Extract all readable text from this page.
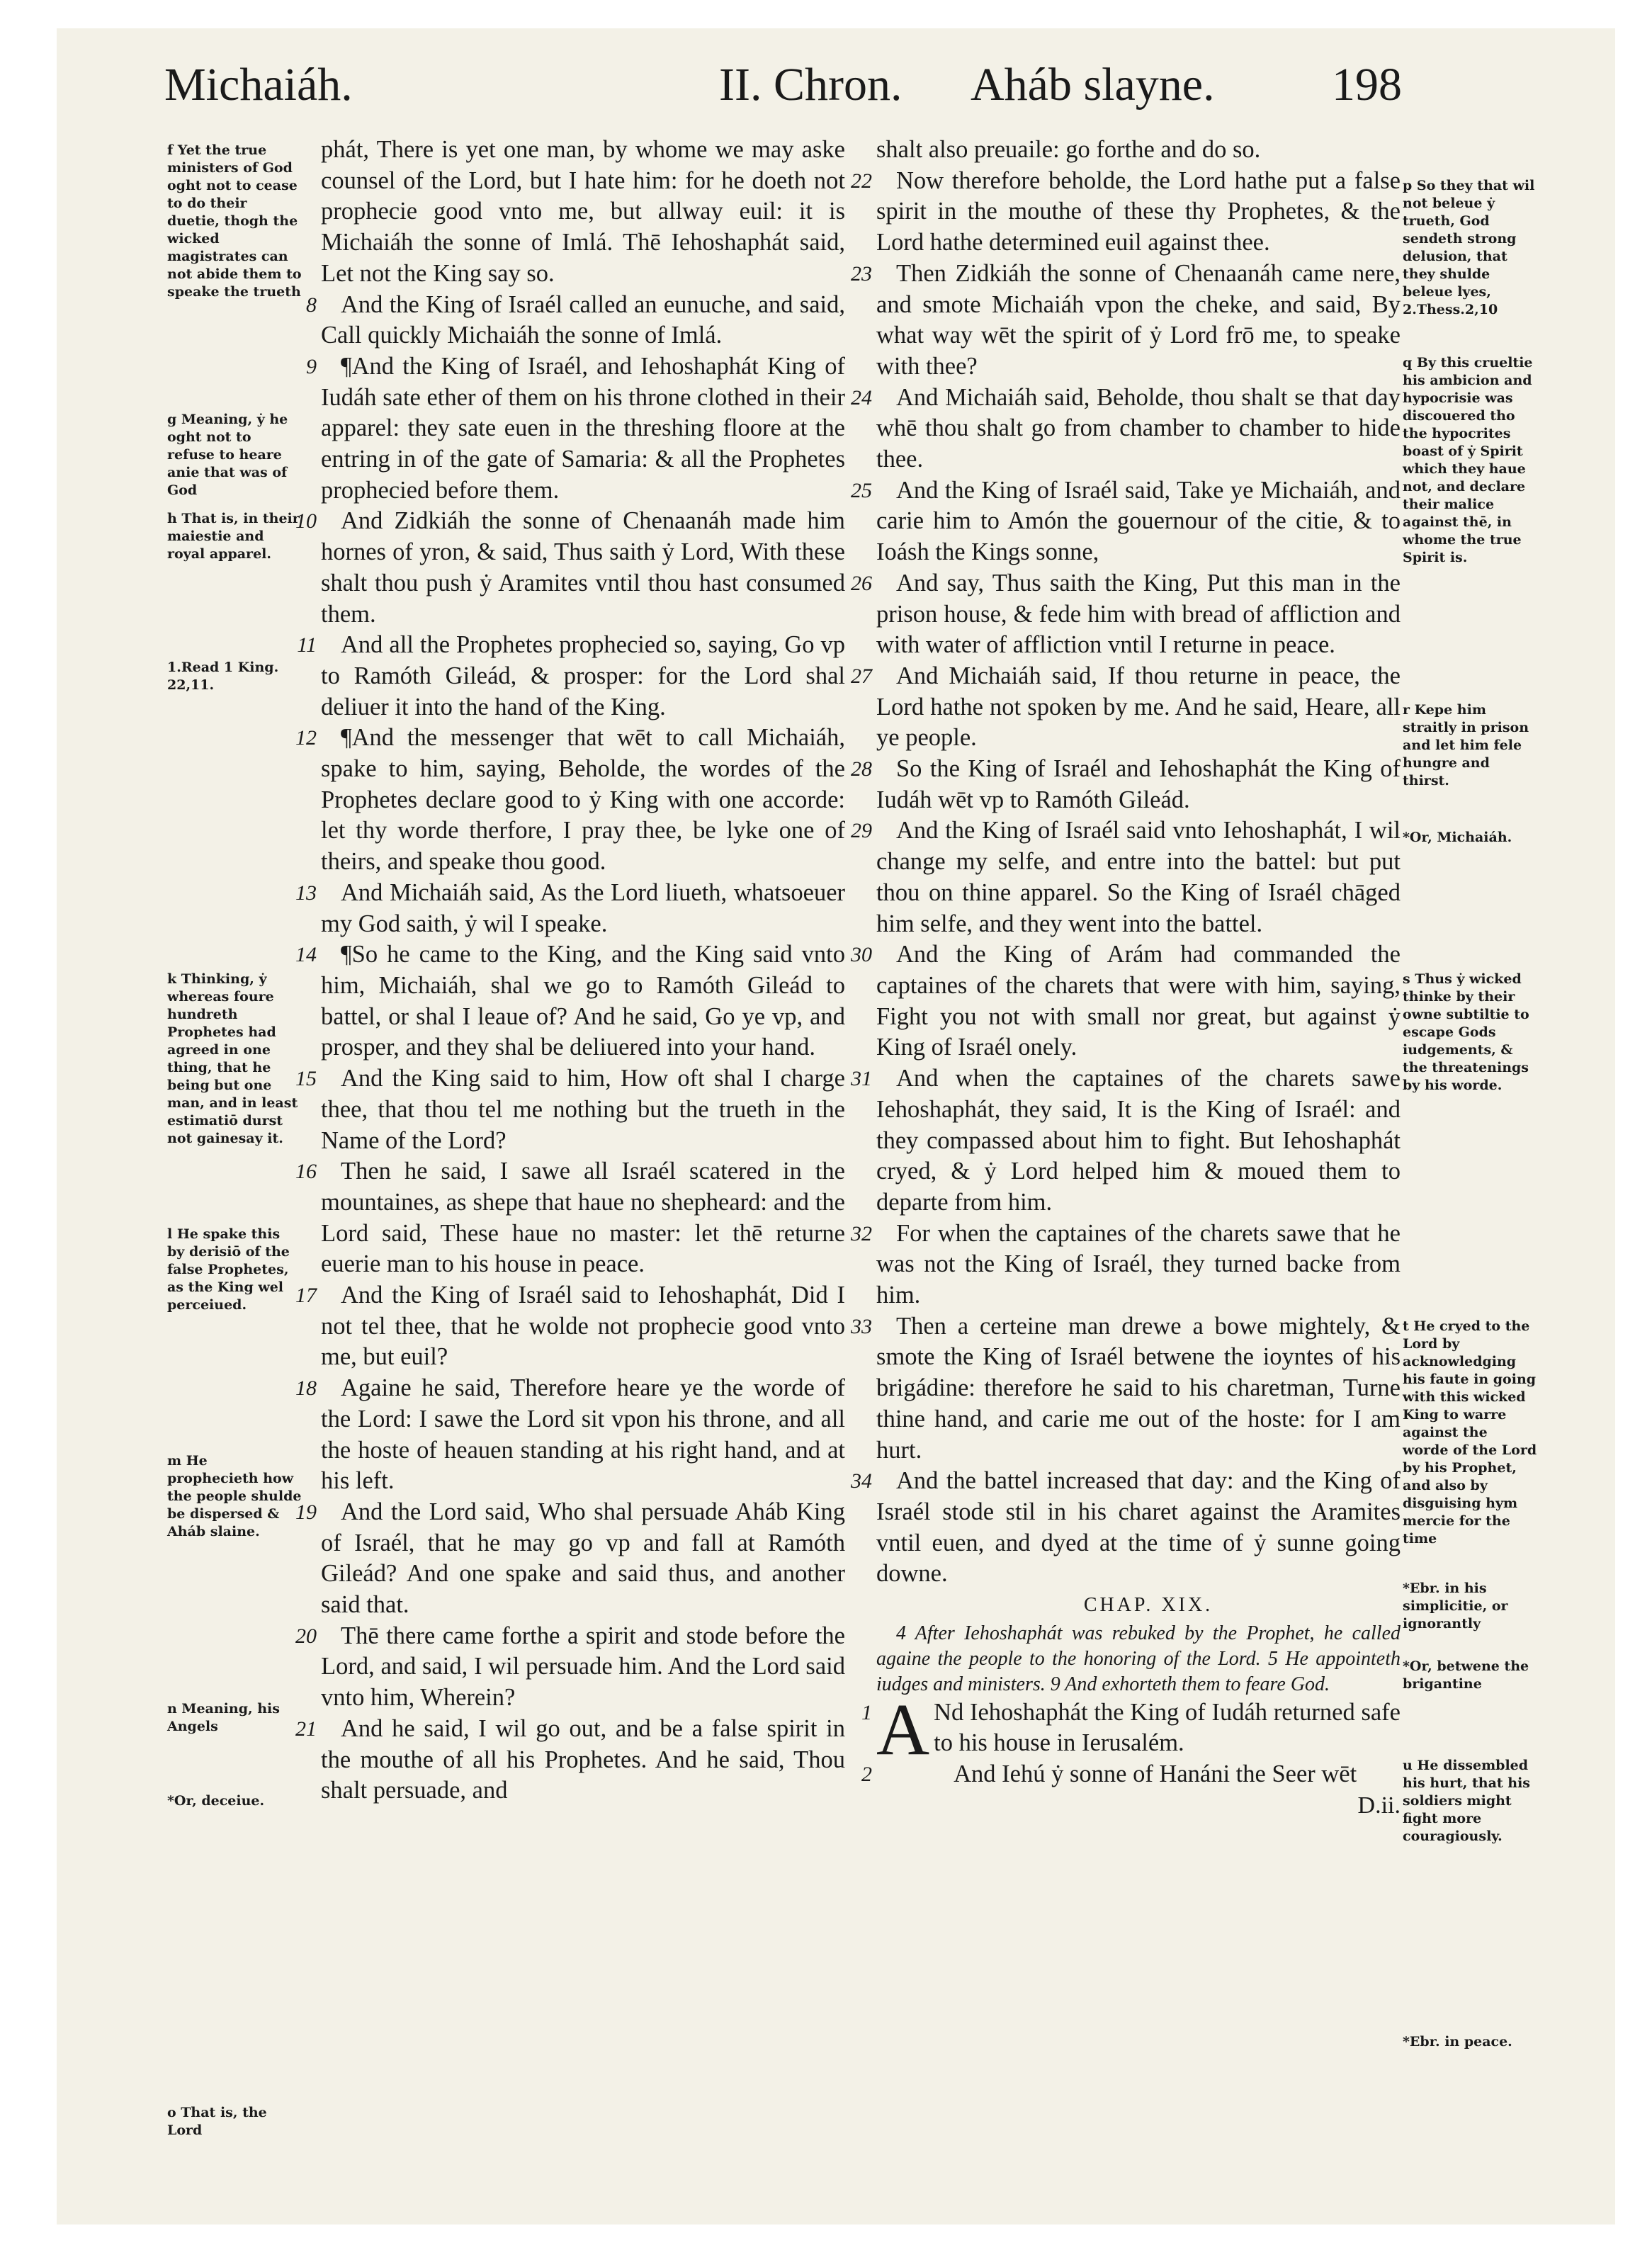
Michaiáh.	II. Chron. Aháb slayne.	198

f Yet the true ministers of God oght not to cease to do their duetie, thogh the wicked magistrates can not abide them to speake the trueth

g Meaning, ẏ he oght not to refuse to heare anie that was of God

h That is, in their maiestie and royal apparel.

1.Read 1 King. 22,11.

k Thinking, ẏ whereas foure hundreth Prophetes had agreed in one thing, that he being but one man, and in least estimatiō durst not gainesay it.

l He spake this by derisiō of the false Prophetes, as the King wel perceiued.

m He prophecieth how the people shulde be dispersed & Aháb slaine.

n Meaning, his Angels

*Or, deceiue.

o That is, the Lord

phát, There is yet one man, by whome we may aske counsel of the Lord, but I hate him: for he doeth not prophecie good vnto me, but allway euil: it is Michaiáh the sonne of Imlá. Thē Iehoshaphát said, Let not the King say so.

8 And the King of Israél called an eunuche, and said, Call quickly Michaiáh the sonne of Imlá.

9 ¶And the King of Israél, and Iehoshaphát King of Iudáh sate ether of them on his throne clothed in their apparel: they sate euen in the threshing floore at the entring in of the gate of Samaria: & all the Prophetes prophecied before them.

10 And Zidkiáh the sonne of Chenaanáh made him hornes of yron, & said, Thus saith ẏ Lord, With these shalt thou push ẏ Aramites vntil thou hast consumed them.

11 And all the Prophetes prophecied so, saying, Go vp to Ramóth Gileád, & prosper: for the Lord shal deliuer it into the hand of the King.

12 ¶And the messenger that wēt to call Michaiáh, spake to him, saying, Beholde, the wordes of the Prophetes declare good to ẏ King with one accorde: let thy worde therfore, I pray thee, be lyke one of theirs, and speake thou good.

13 And Michaiáh said, As the Lord liueth, whatsoeuer my God saith, ẏ wil I speake.

14 ¶So he came to the King, and the King said vnto him, Michaiáh, shal we go to Ramóth Gileád to battel, or shal I leaue of? And he said, Go ye vp, and prosper, and they shal be deliuered into your hand.

15 And the King said to him, How oft shal I charge thee, that thou tel me nothing but the trueth in the Name of the Lord?

16 Then he said, I sawe all Israél scatered in the mountaines, as shepe that haue no shepheard: and the Lord said, These haue no master: let thē returne euerie man to his house in peace.

17 And the King of Israél said to Iehoshaphát, Did I not tel thee, that he wolde not prophecie good vnto me, but euil?

18 Againe he said, Therefore heare ye the worde of the Lord: I sawe the Lord sit vpon his throne, and all the hoste of heauen standing at his right hand, and at his left.

19 And the Lord said, Who shal persuade Aháb King of Israél, that he may go vp and fall at Ramóth Gileád? And one spake and said thus, and another said that.

20 Thē there came forthe a spirit and stode before the Lord, and said, I wil persuade him. And the Lord said vnto him, Wherein?

21 And he said, I wil go out, and be a false spirit in the mouthe of all his Prophetes. And he said, Thou shalt persuade, and

shalt also preuaile: go forthe and do so.

22 Now therefore beholde, the Lord hathe put a false spirit in the mouthe of these thy Prophetes, & the Lord hathe determined euil against thee.

23 Then Zidkiáh the sonne of Chenaanáh came nere, and smote Michaiáh vpon the cheke, and said, By what way wēt the spirit of ẏ Lord frō me, to speake with thee?

24 And Michaiáh said, Beholde, thou shalt se that day whē thou shalt go from chamber to chamber to hide thee.

25 And the King of Israél said, Take ye Michaiáh, and carie him to Amón the gouernour of the citie, & to Ioásh the Kings sonne,

26 And say, Thus saith the King, Put this man in the prison house, & fede him with bread of affliction and with water of affliction vntil I returne in peace.

27 And Michaiáh said, If thou returne in peace, the Lord hathe not spoken by me. And he said, Heare, all ye people.

28 So the King of Israél and Iehoshaphát the King of Iudáh wēt vp to Ramóth Gileád.

29 And the King of Israél said vnto Iehoshaphát, I wil change my selfe, and entre into the battel: but put thou on thine apparel. So the King of Israél chāged him selfe, and they went into the battel.

30 And the King of Arám had commanded the captaines of the charets that were with him, saying, Fight you not with small nor great, but against ẏ King of Israél onely.

31 And when the captaines of the charets sawe Iehoshaphát, they said, It is the King of Israél: and they compassed about him to fight. But Iehoshaphát cryed, & ẏ Lord helped him & moued them to departe from him.

32 For when the captaines of the charets sawe that he was not the King of Israél, they turned backe from him.

33 Then a certeine man drewe a bowe mightely, & smote the King of Israél betwene the ioyntes of his brigádine: therefore he said to his charetman, Turne thine hand, and carie me out of the hoste: for I am hurt.

34 And the battel increased that day: and the King of Israél stode stil in his charet against the Aramites vntil euen, and dyed at the time of ẏ sunne going downe.

CHAP. XIX.

4 After Iehoshaphát was rebuked by the Prophet, he called againe the people to the honoring of the Lord. 5 He appointeth iudges and ministers. 9 And exhorteth them to feare God.

1 A Nd Iehoshaphát the King of Iudáh returned safe to his house in Ierusalém.

2	And Iehú ẏ sonne of Hanáni the Seer wēt

D.ii.

p So they that wil not beleue ẏ trueth, God sendeth strong delusion, that they shulde beleue lyes, 2.Thess.2,10

q By this crueltie his ambicion and hypocrisie was discouered tho the hypocrites boast of ẏ Spirit which they haue not, and declare their malice against thē, in whome the true Spirit is.

r Kepe him straitly in prison and let him fele hungre and thirst.

*Or, Michaiáh.

s Thus ẏ wicked thinke by their owne subtiltie to escape Gods iudgements, & the threatenings by his worde.

t He cryed to the Lord by acknowledging his faute in going with this wicked King to warre against the worde of the Lord by his Prophet, and also by disguising hym mercie for the time

*Ebr. in his simplicitie, or ignorantly

*Or, betwene the brigantine

u He dissembled his hurt, that his soldiers might fight more couragiously.

*Ebr. in peace.
